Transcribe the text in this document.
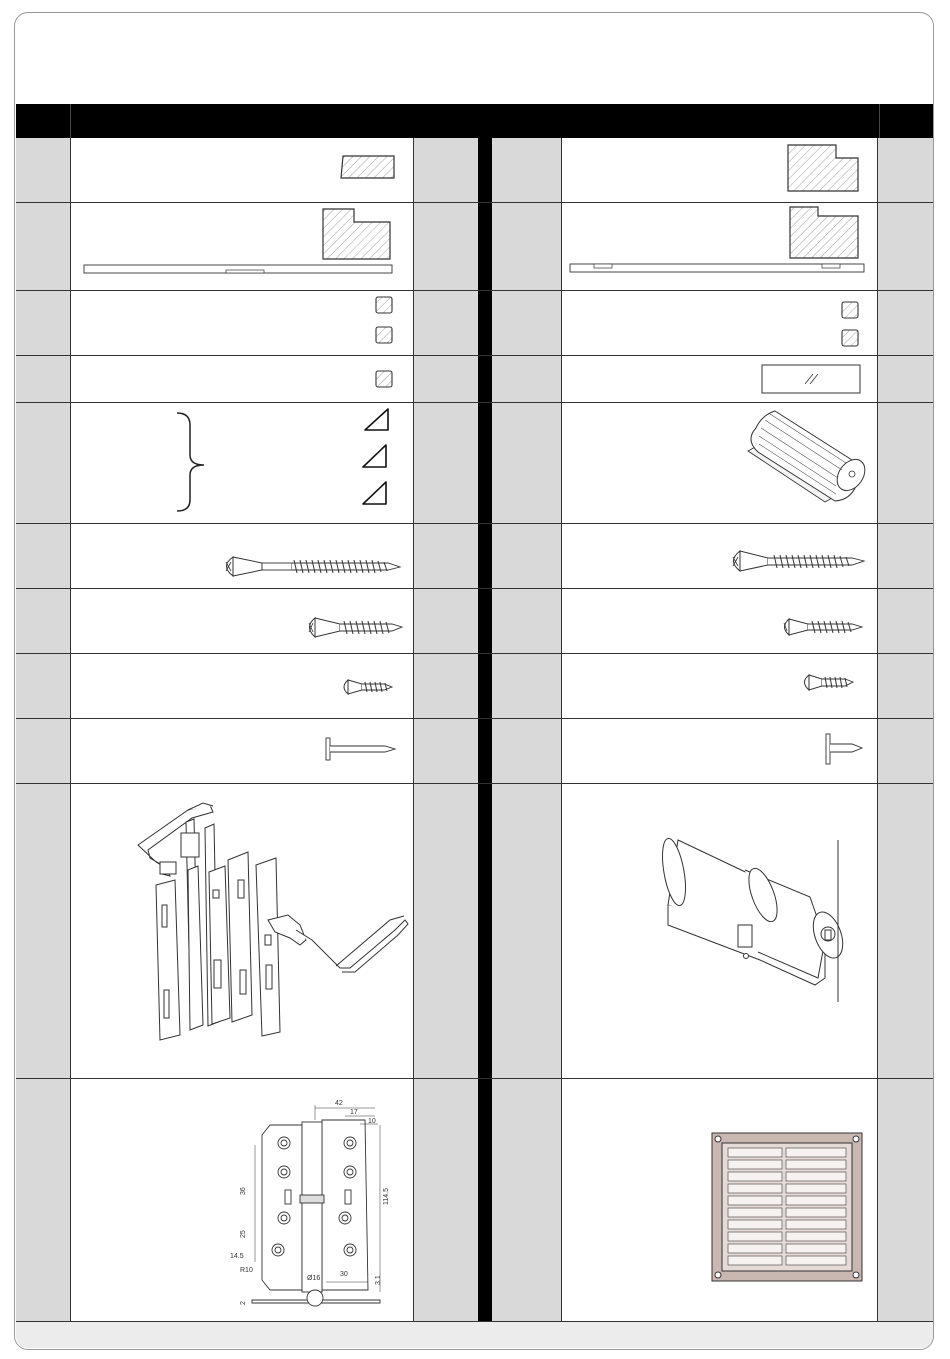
42
17
10
36	114.5
25
14.5
R10
Ø16
30
2
3.1
